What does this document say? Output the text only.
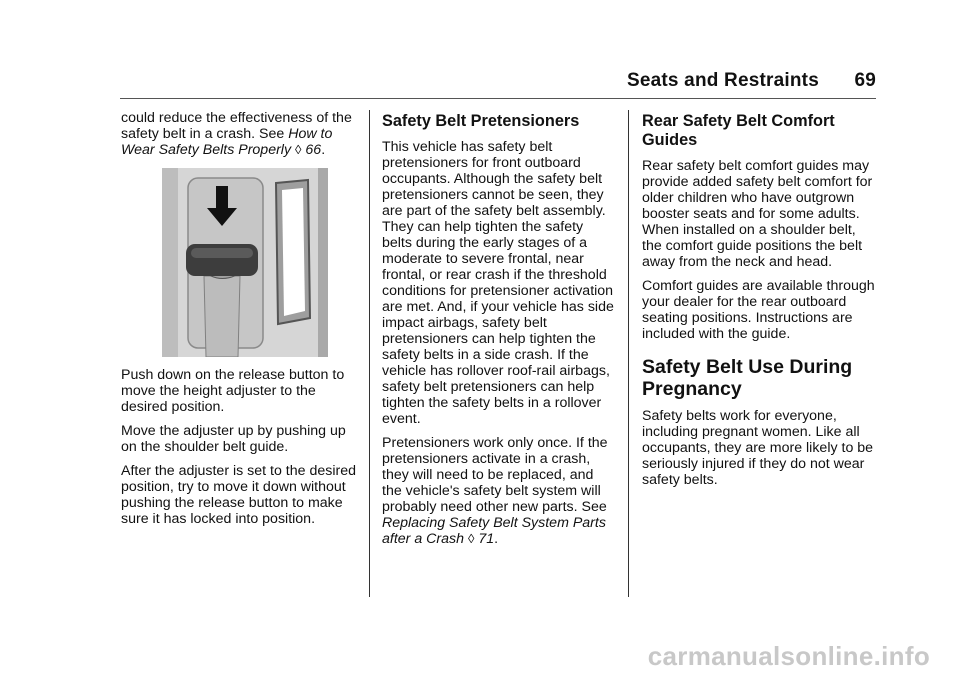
Seats and Restraints 69

could reduce the effectiveness of the safety belt in a crash. See How to Wear Safety Belts Properly ◊ 66.

Push down on the release button to move the height adjuster to the desired position.

Move the adjuster up by pushing up on the shoulder belt guide.

After the adjuster is set to the desired position, try to move it down without pushing the release button to make sure it has locked into position.

Safety Belt Pretensioners

This vehicle has safety belt pretensioners for front outboard occupants. Although the safety belt pretensioners cannot be seen, they are part of the safety belt assembly. They can help tighten the safety belts during the early stages of a moderate to severe frontal, near frontal, or rear crash if the threshold conditions for pretensioner activation are met. And, if your vehicle has side impact airbags, safety belt pretensioners can help tighten the safety belts in a side crash. If the vehicle has rollover roof-rail airbags, safety belt pretensioners can help tighten the safety belts in a rollover event.

Pretensioners work only once. If the pretensioners activate in a crash, they will need to be replaced, and the vehicle's safety belt system will probably need other new parts. See Replacing Safety Belt System Parts after a Crash ◊ 71.

Rear Safety Belt Comfort Guides

Rear safety belt comfort guides may provide added safety belt comfort for older children who have outgrown booster seats and for some adults. When installed on a shoulder belt, the comfort guide positions the belt away from the neck and head.

Comfort guides are available through your dealer for the rear outboard seating positions. Instructions are included with the guide.

Safety Belt Use During Pregnancy

Safety belts work for everyone, including pregnant women. Like all occupants, they are more likely to be seriously injured if they do not wear safety belts.

carmanualsonline.info
